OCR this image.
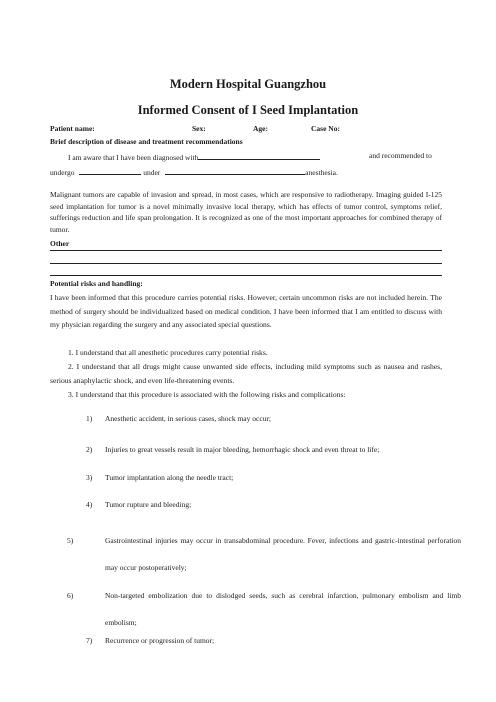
Modern Hospital Guangzhou
Informed Consent of I Seed Implantation
Patient name:	Sex:	Age:	Case No:
Brief description of disease and treatment recommendations
I am aware that I have been diagnosed with	and recommended to
undergo	under	anesthesia.
Malignant tumors are capable of invasion and spread, in most cases, which are responsive to radiotherapy. Imaging guided I-125 seed implantation for tumor is a novel minimally invasive local therapy, which has effects of tumor control, symptoms relief, sufferings reduction and life span prolongation. It is recognized as one of the most important approaches for combined therapy of tumor.
Other
Potential risks and handling:
I have been informed that this procedure carries potential risks. However, certain uncommon risks are not included herein. The method of surgery should be individualized based on medical condition. I have been informed that I am entitled to discuss with my physician regarding the surgery and any associated special questions.
1. I understand that all anesthetic procedures carry potential risks.
2. I understand that all drugs might cause unwanted side effects, including mild symptoms such as nausea and rashes, serious anaphylactic shock, and even life-threatening events.
3. I understand that this procedure is associated with the following risks and complications:
1) Anesthetic accident, in serious cases, shock may occur;
2) Injuries to great vessels result in major bleeding, hemorrhagic shock and even threat to life;
3) Tumor implantation along the needle tract;
4) Tumor rupture and bleeding;
5)	Gastrointestinal injuries may occur in transabdominal procedure. Fever, infections and gastric-intestinal perforation may occur postoperatively;
6)	Non-targeted embolization due to dislodged seeds, such as cerebral infarction, pulmonary embolism and limb embolism;
7) Recurrence or progression of tumor;
